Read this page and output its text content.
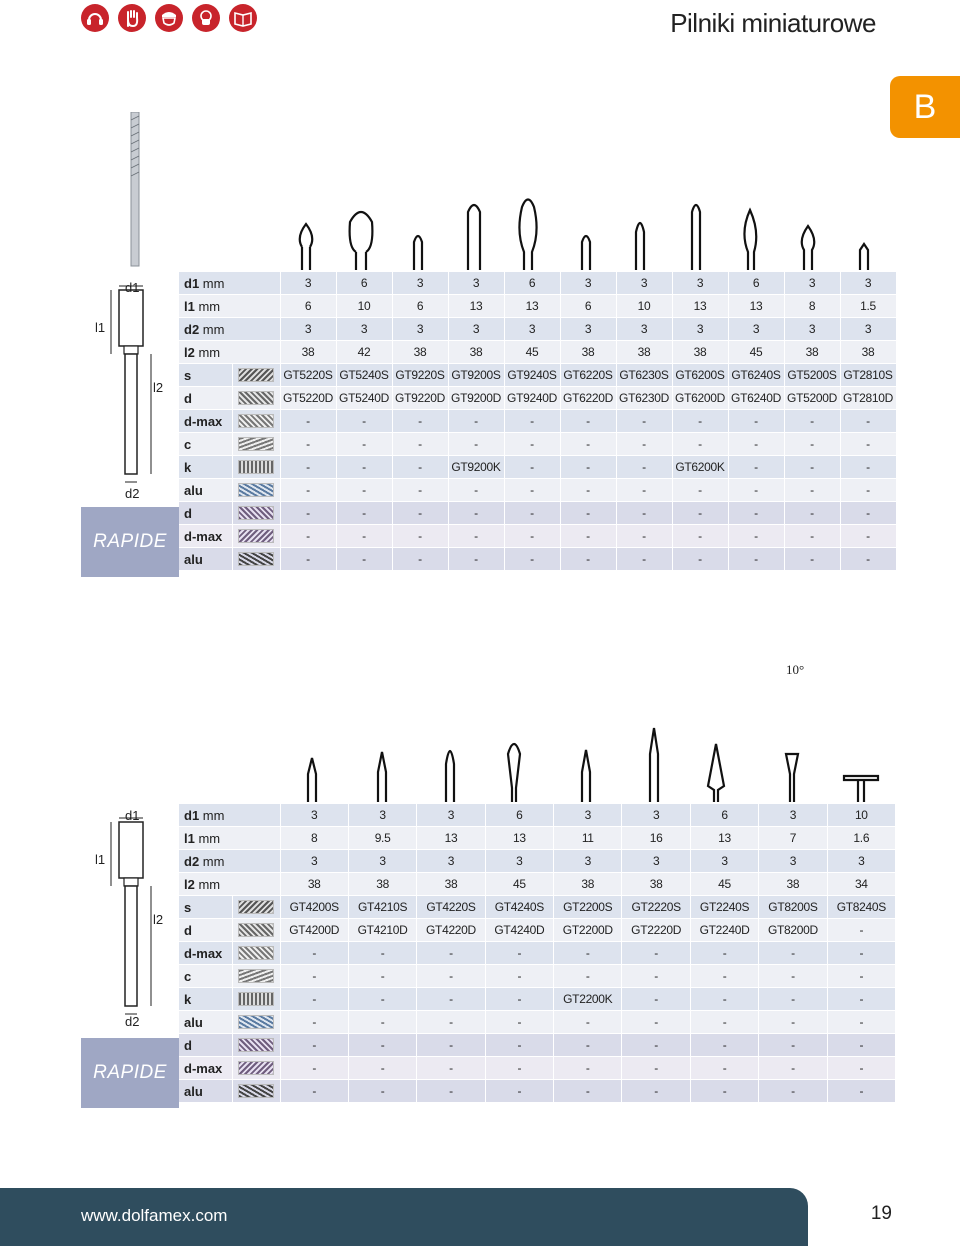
Pilniki miniaturowe
B
d1
l1
l2
d2
RAPIDE
d1 mm		3	6	3	3	6	3	3	3	6	3	3
l1 mm		6	10	6	13	13	6	10	13	13	8	1.5
d2 mm		3	3	3	3	3	3	3	3	3	3	3
l2 mm		38	42	38	38	45	38	38	38	45	38	38
s		GT5220S	GT5240S	GT9220S	GT9200S	GT9240S	GT6220S	GT6230S	GT6200S	GT6240S	GT5200S	GT2810S
d		GT5220D	GT5240D	GT9220D	GT9200D	GT9240D	GT6220D	GT6230D	GT6200D	GT6240D	GT5200D	GT2810D
d-max		-	-	-	-	-	-	-	-	-	-	-
c		-	-	-	-	-	-	-	-	-	-	-
k		-	-	-	GT9200K	-	-	-	GT6200K	-	-	-
alu		-	-	-	-	-	-	-	-	-	-	-
d		-	-	-	-	-	-	-	-	-	-	-
d-max		-	-	-	-	-	-	-	-	-	-	-
alu		-	-	-	-	-	-	-	-	-	-	-
10°
d1
l1
l2
d2
RAPIDE
d1 mm		3	3	3	6	3	3	6	3	10
l1 mm		8	9.5	13	13	11	16	13	7	1.6
d2 mm		3	3	3	3	3	3	3	3	3
l2 mm		38	38	38	45	38	38	45	38	34
s		GT4200S	GT4210S	GT4220S	GT4240S	GT2200S	GT2220S	GT2240S	GT8200S	GT8240S
d		GT4200D	GT4210D	GT4220D	GT4240D	GT2200D	GT2220D	GT2240D	GT8200D	-
d-max		-	-	-	-	-	-	-	-	-
c		-	-	-	-	-	-	-	-	-
k		-	-	-	-	GT2200K	-	-	-	-
alu		-	-	-	-	-	-	-	-	-
d		-	-	-	-	-	-	-	-	-
d-max		-	-	-	-	-	-	-	-	-
alu		-	-	-	-	-	-	-	-	-
www.dolfamex.com	19
